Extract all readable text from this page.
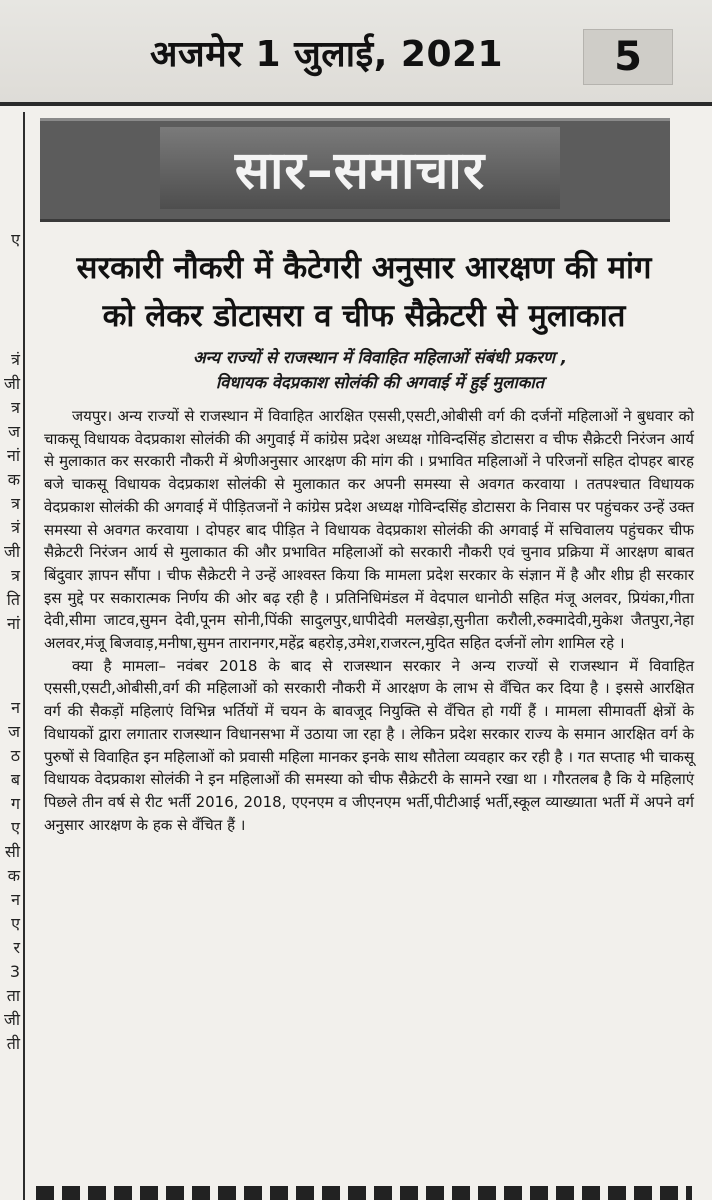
अजमेर 1 जुलाई, 2021	5
ए
त्रं
जी
त्र
ज
नां
क
त्र
त्रं
जी
त्र
ति
नां
न
ज
ठ
ब
ग
ए
सी
क
न
ए
र
3
ता
जी
ती
सार–समाचार
सरकारी नौकरी में कैटेगरी अनुसार आरक्षण की मांग
को लेकर डोटासरा व चीफ सैक्रेटरी से मुलाकात
अन्य राज्यों से राजस्थान में विवाहित महिलाओं संबंधी प्रकरण ,
विधायक वेदप्रकाश सोलंकी की अगवाई में हुई मुलाकात

जयपुर। अन्य राज्यों से राजस्थान में विवाहित आरक्षित एससी,एसटी,ओबीसी वर्ग की दर्जनों महिलाओं ने बुधवार को चाकसू विधायक वेदप्रकाश सोलंकी की अगुवाई में कांग्रेस प्रदेश अध्यक्ष गोविन्दसिंह डोटासरा व चीफ सैक्रेटरी निरंजन आर्य से मुलाकात कर सरकारी नौकरी में श्रेणीअनुसार आरक्षण की मांग की । प्रभावित महिलाओं ने परिजनों सहित दोपहर बारह बजे चाकसू विधायक वेदप्रकाश सोलंकी से मुलाकात कर अपनी समस्या से अवगत करवाया । ततपश्चात विधायक वेदप्रकाश सोलंकी की अगवाई में पीड़ितजनों ने कांग्रेस प्रदेश अध्यक्ष गोविन्दसिंह डोटासरा के निवास पर पहुंचकर उन्हें उक्त समस्या से अवगत करवाया । दोपहर बाद पीड़ित ने विधायक वेदप्रकाश सोलंकी की अगवाई में सचिवालय पहुंचकर चीफ सैक्रेटरी निरंजन आर्य से मुलाकात की और प्रभावित महिलाओं को सरकारी नौकरी एवं चुनाव प्रक्रिया में आरक्षण बाबत बिंदुवार ज्ञापन सौंपा । चीफ सैक्रेटरी ने उन्हें आश्वस्त किया कि मामला प्रदेश सरकार के संज्ञान में है और शीघ्र ही सरकार इस मुद्दे पर सकारात्मक निर्णय की ओर बढ़ रही है । प्रतिनिधिमंडल में वेदपाल धानोठी सहित मंजू अलवर, प्रियंका,गीता देवी,सीमा जाटव,सुमन देवी,पूनम सोनी,पिंकी सादुलपुर,धापीदेवी मलखेड़ा,सुनीता करौली,रुक्मादेवी,मुकेश जैतपुरा,नेहा अलवर,मंजू बिजवाड़,मनीषा,सुमन तारानगर,महेंद्र बहरोड़,उमेश,राजरत्न,मुदित सहित दर्जनों लोग शामिल रहे ।

क्या है मामला– नवंबर 2018 के बाद से राजस्थान सरकार ने अन्य राज्यों से राजस्थान में विवाहित एससी,एसटी,ओबीसी,वर्ग की महिलाओं को सरकारी नौकरी में आरक्षण के लाभ से वँचित कर दिया है । इससे आरक्षित वर्ग की सैकड़ों महिलाएं विभिन्न भर्तियों में चयन के बावजूद नियुक्ति से वँचित हो गयीं हैं । मामला सीमावर्ती क्षेत्रों के विधायकों द्वारा लगातार राजस्थान विधानसभा में उठाया जा रहा है । लेकिन प्रदेश सरकार राज्य के समान आरक्षित वर्ग के पुरुषों से विवाहित इन महिलाओं को प्रवासी महिला मानकर इनके साथ सौतेला व्यवहार कर रही है । गत सप्ताह भी चाकसू विधायक वेदप्रकाश सोलंकी ने इन महिलाओं की समस्या को चीफ सैक्रेटरी के सामने रखा था । गौरतलब है कि ये महिलाएं पिछले तीन वर्ष से रीट भर्ती 2016, 2018, एएनएम व जीएनएम भर्ती,पीटीआई भर्ती,स्कूल व्याख्याता भर्ती में अपने वर्ग अनुसार आरक्षण के हक से वँचित हैं ।
